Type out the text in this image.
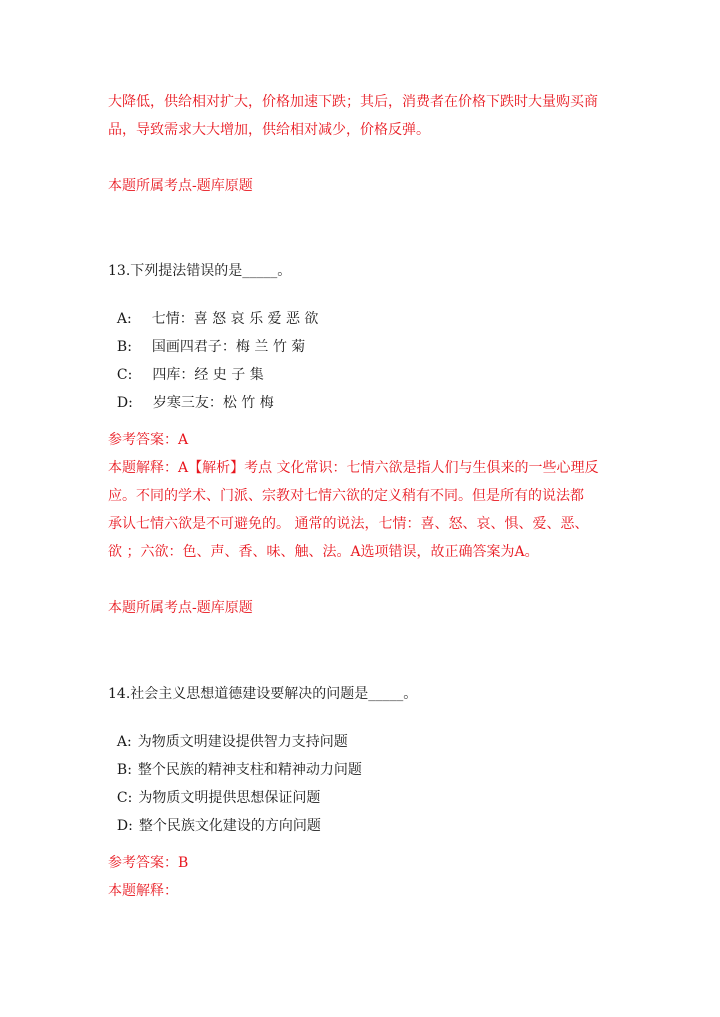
大降低，供给相对扩大，价格加速下跌；其后，消费者在价格下跌时大量购买商
品，导致需求大大增加，供给相对减少，价格反弹。
本题所属考点-题库原题
13.下列提法错误的是_____。

A: 七情：喜 怒 哀 乐 爱 恶 欲

B: 国画四君子：梅 兰 竹 菊

C: 四库：经 史 子 集

D: 岁寒三友：松 竹 梅

参考答案：A
本题解释：A【解析】考点 文化常识：七情六欲是指人们与生俱来的一些心理反
应。不同的学术、门派、宗教对七情六欲的定义稍有不同。但是所有的说法都
承认七情六欲是不可避免的。 通常的说法，七情：喜、怒、哀、惧、爱、恶、
欲 ；六欲：色、声、香、味、触、法。A选项错误，故正确答案为A。
本题所属考点-题库原题
14.社会主义思想道德建设要解决的问题是_____。

A: 为物质文明建设提供智力支持问题

B: 整个民族的精神支柱和精神动力问题

C: 为物质文明提供思想保证问题

D: 整个民族文化建设的方向问题

参考答案：B
本题解释：
